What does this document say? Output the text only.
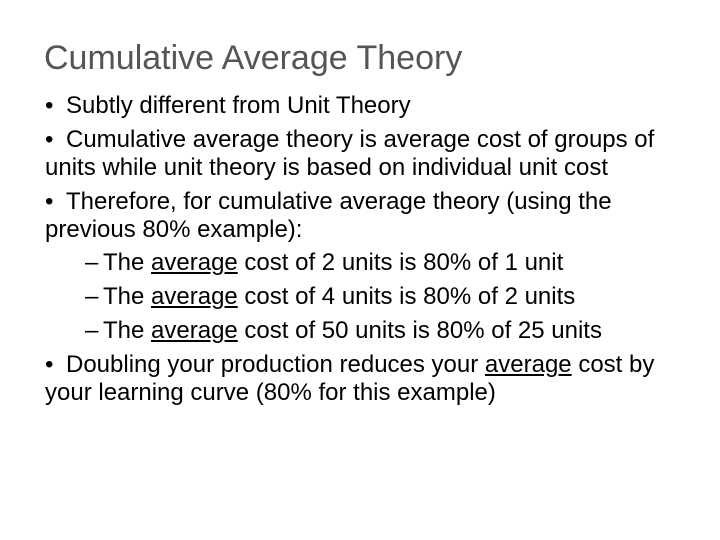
Cumulative Average Theory
• Subtly different from Unit Theory
• Cumulative average theory is average cost of groups of units while unit theory is based on individual unit cost
• Therefore, for cumulative average theory (using the previous 80% example):
– The average cost of 2 units is 80% of 1 unit
– The average cost of 4 units is 80% of 2 units
– The average cost of 50 units is 80% of 25 units
• Doubling your production reduces your average cost by your learning curve (80% for this example)
